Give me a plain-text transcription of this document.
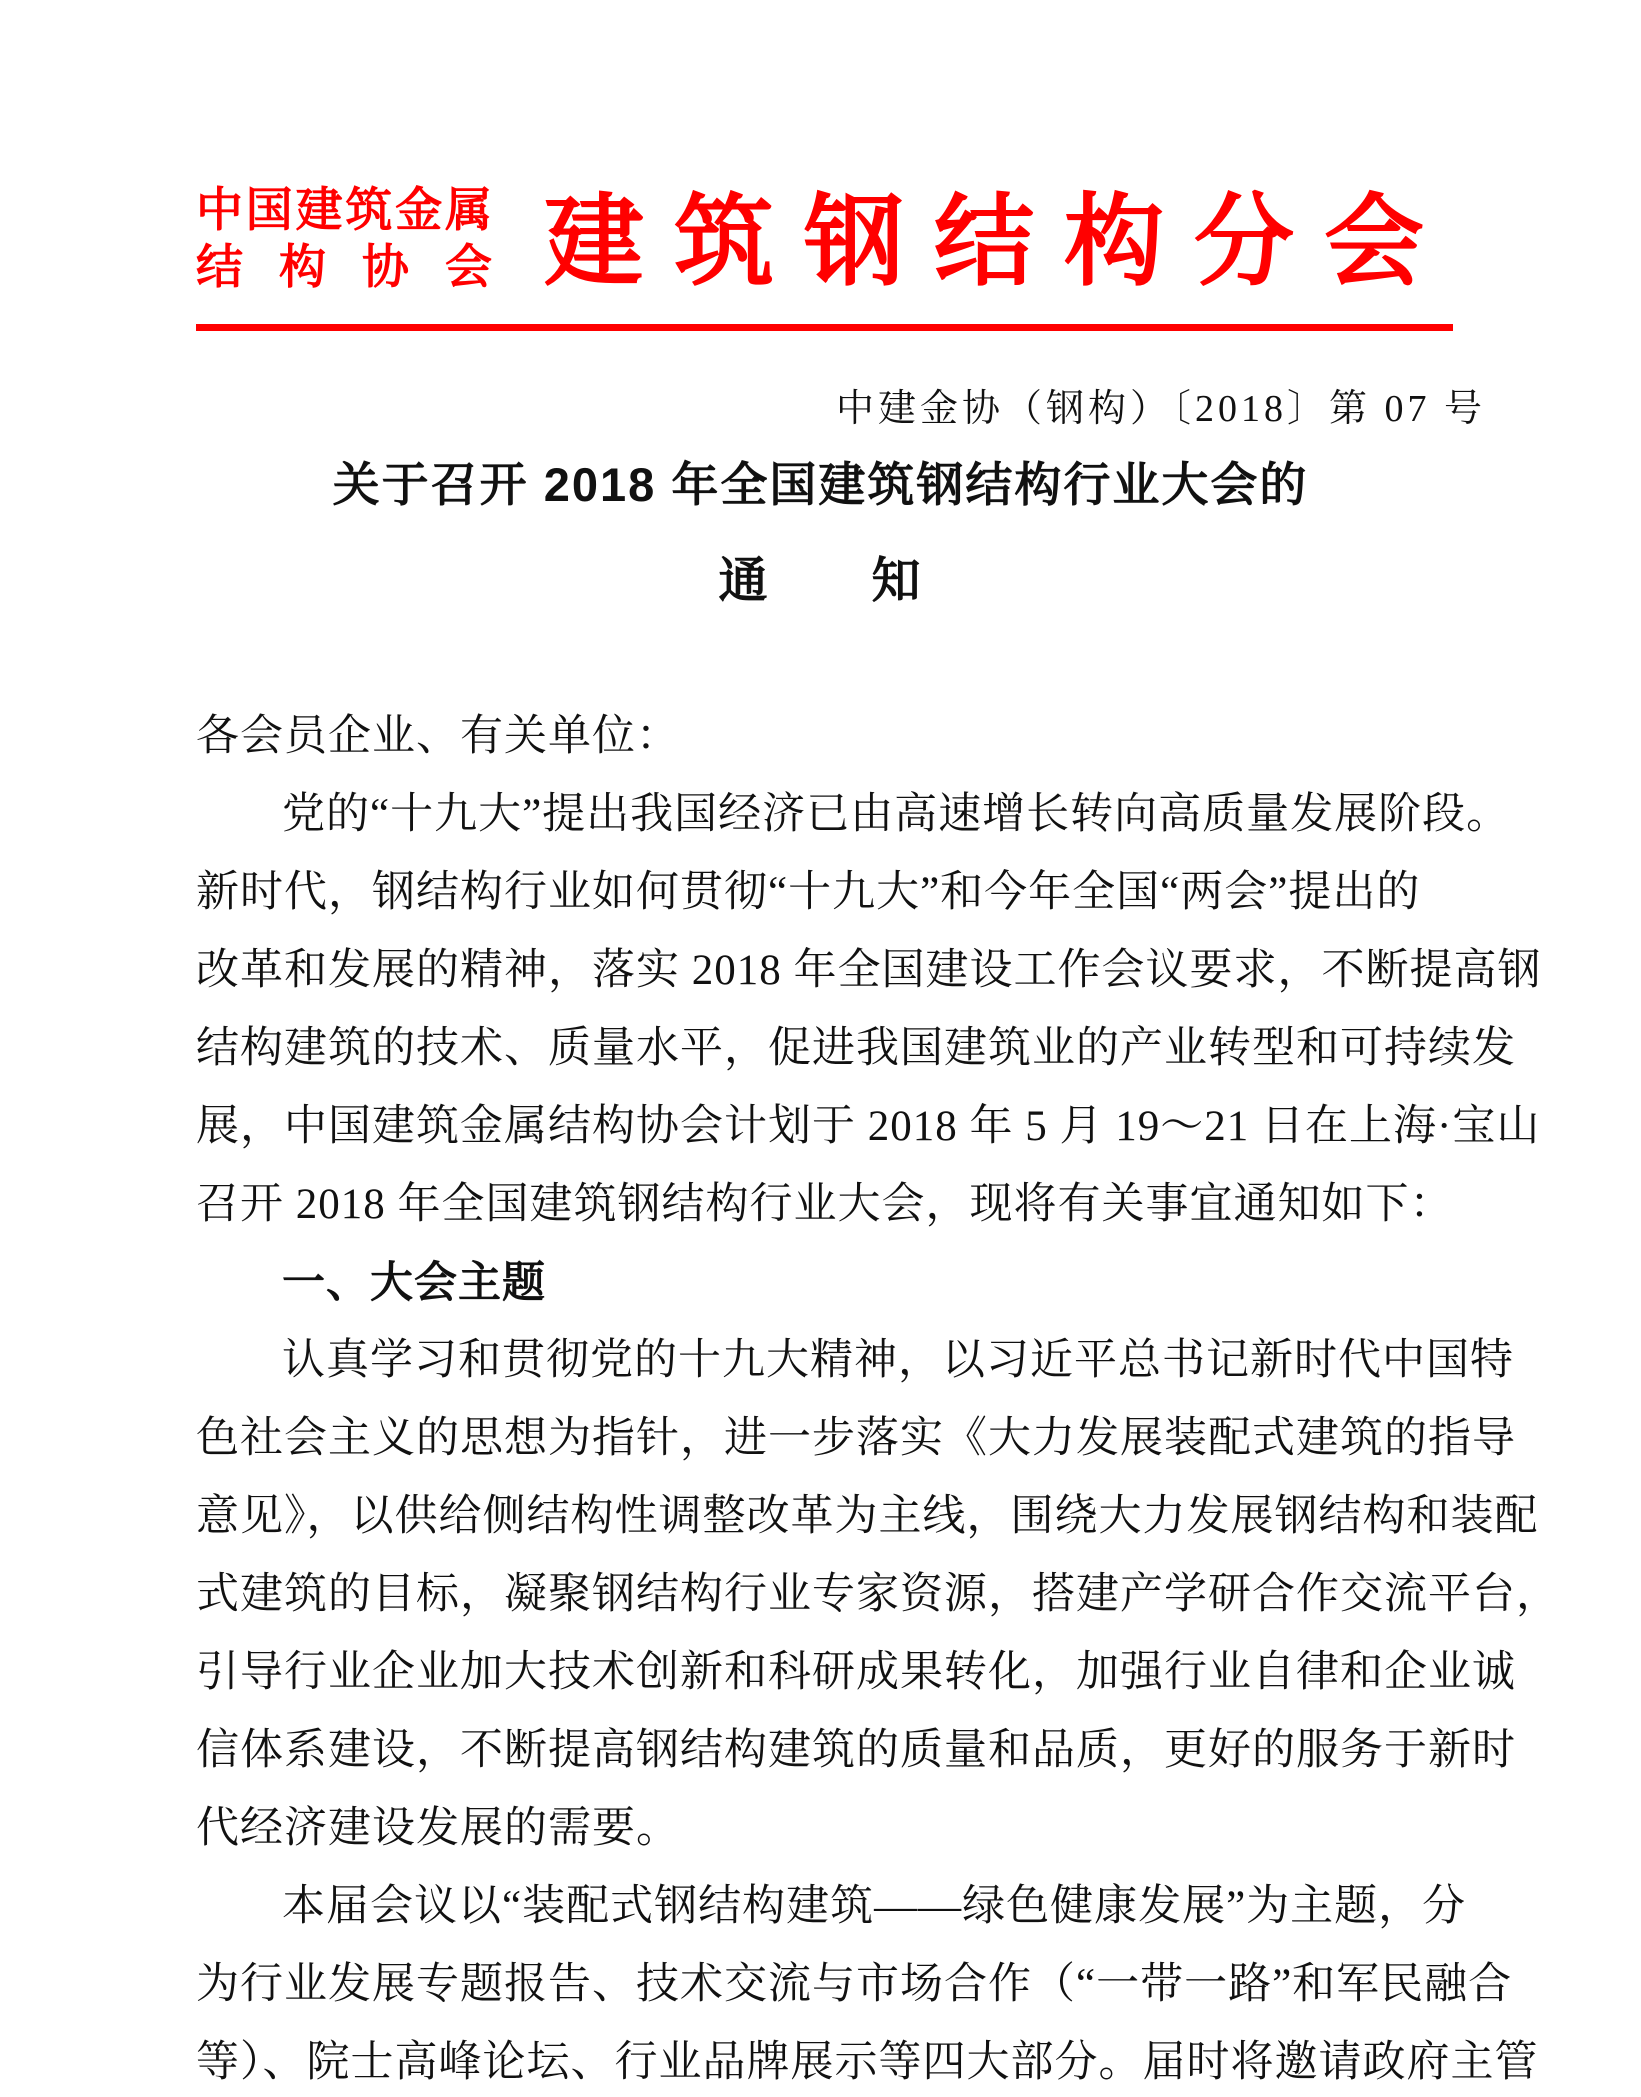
中国建筑金属
结构协会 建筑钢结构分会
中建金协（钢构）〔2018〕第 07 号
关于召开 2018 年全国建筑钢结构行业大会的
通　　知
各会员企业、有关单位：
党的“十九大”提出我国经济已由高速增长转向高质量发展阶段。
新时代，钢结构行业如何贯彻“十九大”和今年全国“两会”提出的
改革和发展的精神，落实 2018 年全国建设工作会议要求，不断提高钢
结构建筑的技术、质量水平，促进我国建筑业的产业转型和可持续发
展，中国建筑金属结构协会计划于 2018 年 5 月 19～21 日在上海·宝山
召开 2018 年全国建筑钢结构行业大会，现将有关事宜通知如下：
一、大会主题
认真学习和贯彻党的十九大精神，以习近平总书记新时代中国特
色社会主义的思想为指针，进一步落实《大力发展装配式建筑的指导
意见》，以供给侧结构性调整改革为主线，围绕大力发展钢结构和装配
式建筑的目标，凝聚钢结构行业专家资源，搭建产学研合作交流平台，
引导行业企业加大技术创新和科研成果转化，加强行业自律和企业诚
信体系建设，不断提高钢结构建筑的质量和品质，更好的服务于新时
代经济建设发展的需要。
本届会议以“装配式钢结构建筑——绿色健康发展”为主题，分
为行业发展专题报告、技术交流与市场合作（“一带一路”和军民融合
等）、院士高峰论坛、行业品牌展示等四大部分。届时将邀请政府主管
